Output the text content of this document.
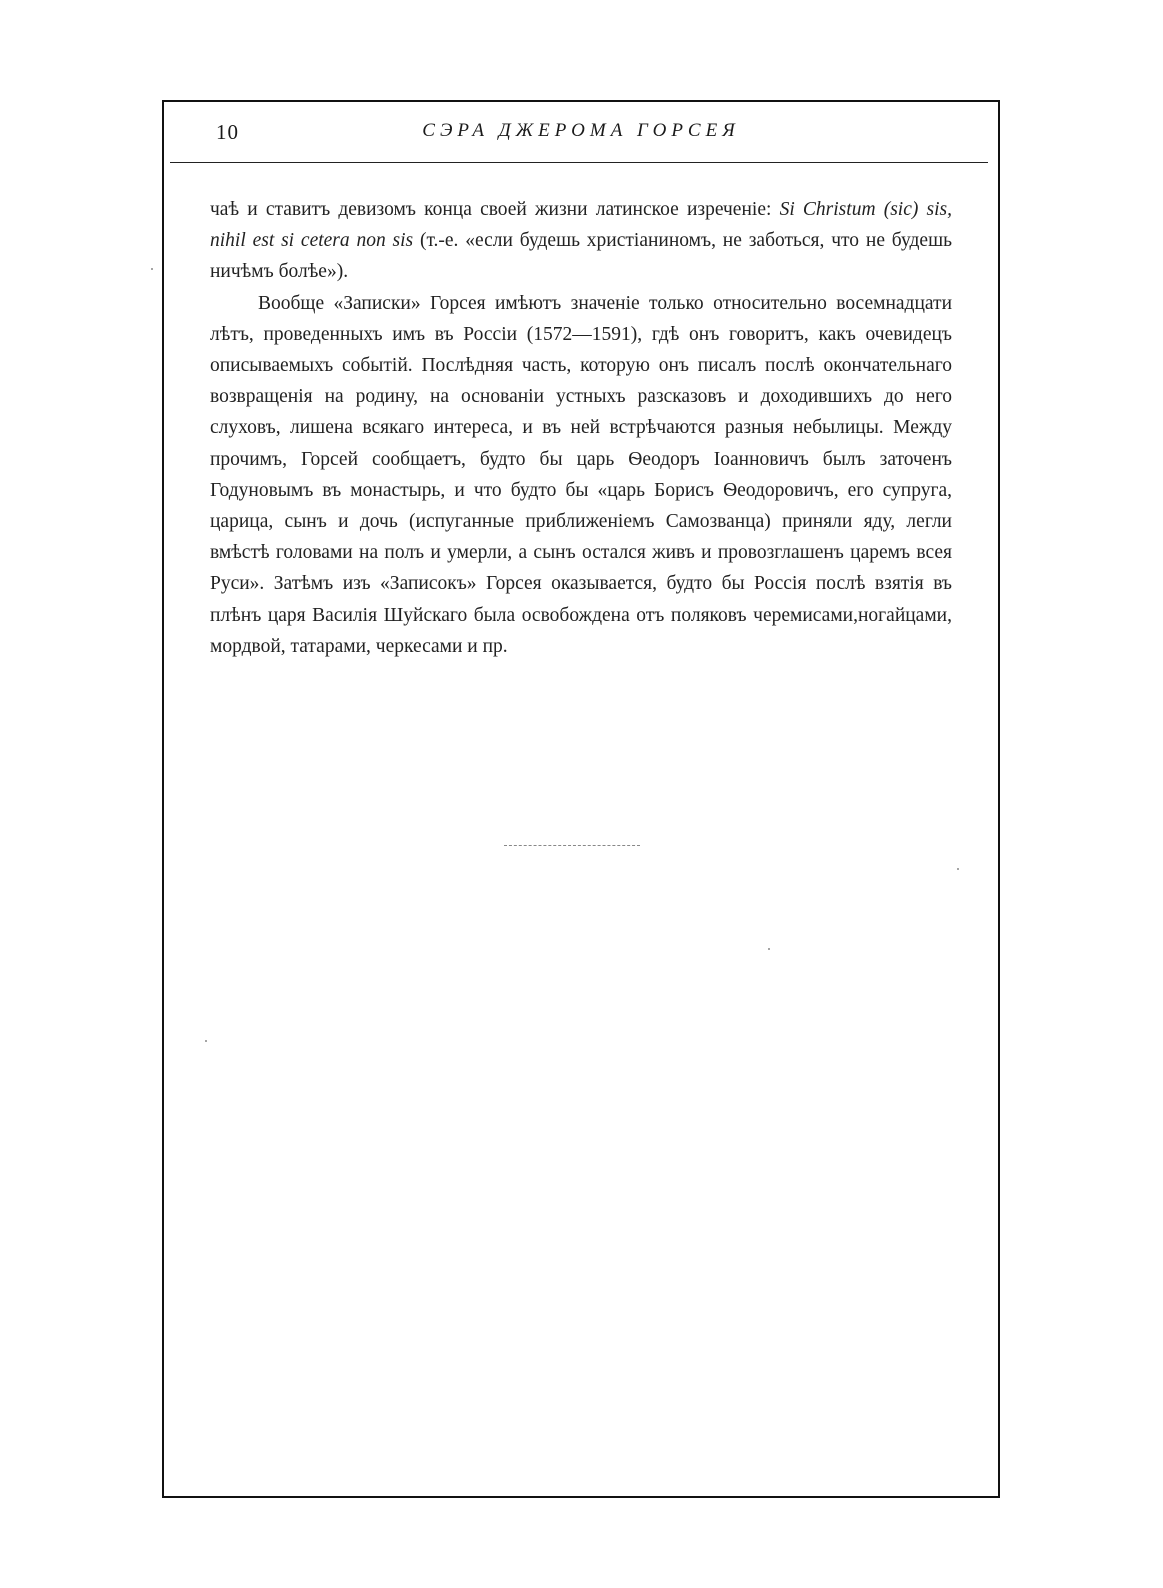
10	СЭРА ДЖЕРОМА ГОРСЕЯ

чаѣ и ставитъ девизомъ конца своей жизни латинское изреченіе: Si Christum (sic) sis, nihil est si cetera non sis (т.-е. «если будешь христіаниномъ, не заботься, что не будешь ничѣмъ болѣе»).

Вообще «Записки» Горсея имѣютъ значеніе только относительно восемнадцати лѣтъ, проведенныхъ имъ въ Россіи (1572—1591), гдѣ онъ говоритъ, какъ очевидецъ описываемыхъ событій. Послѣдняя часть, которую онъ писалъ послѣ окончательнаго возвращенія на родину, на основаніи устныхъ разсказовъ и доходившихъ до него слуховъ, лишена всякаго интереса, и въ ней встрѣчаются разныя небылицы. Между прочимъ, Горсей сообщаетъ, будто бы царь Ѳеодоръ Іоанновичъ былъ заточенъ Годуновымъ въ монастырь, и что будто бы «царь Борисъ Ѳеодоровичъ, его супруга, царица, сынъ и дочь (испуганные приближеніемъ Самозванца) приняли яду, легли вмѣстѣ головами на полъ и умерли, а сынъ остался живъ и провозглашенъ царемъ всея Руси». Затѣмъ изъ «Записокъ» Горсея оказывается, будто бы Россія послѣ взятія въ плѣнъ царя Василія Шуйскаго была освобождена отъ поляковъ черемисами,ногайцами, мордвой, татарами, черкесами и пр.
